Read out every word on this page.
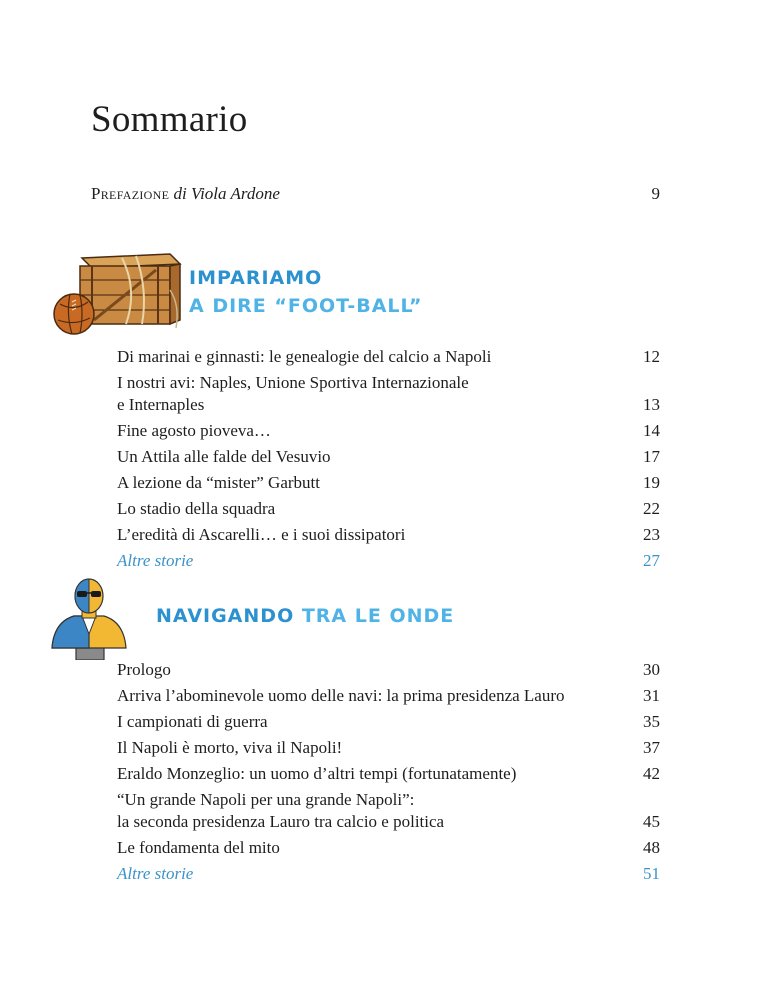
Sommario
Prefazione di Viola Ardone	9
IMPARIAMO
A DIRE “FOOT-BALL”
Di marinai e ginnasti: le genealogie del calcio a Napoli	12
I nostri avi: Naples, Unione Sportiva Internazionale
e Internaples	13
Fine agosto pioveva…	14
Un Attila alle falde del Vesuvio	17
A lezione da “mister” Garbutt	19
Lo stadio della squadra	22
L’eredità di Ascarelli… e i suoi dissipatori	23
Altre storie	27
NAVIGANDO TRA LE ONDE
Prologo	30
Arriva l’abominevole uomo delle navi: la prima presidenza Lauro	31
I campionati di guerra	35
Il Napoli è morto, viva il Napoli!	37
Eraldo Monzeglio: un uomo d’altri tempi (fortunatamente)	42
“Un grande Napoli per una grande Napoli”:
la seconda presidenza Lauro tra calcio e politica	45
Le fondamenta del mito	48
Altre storie	51
